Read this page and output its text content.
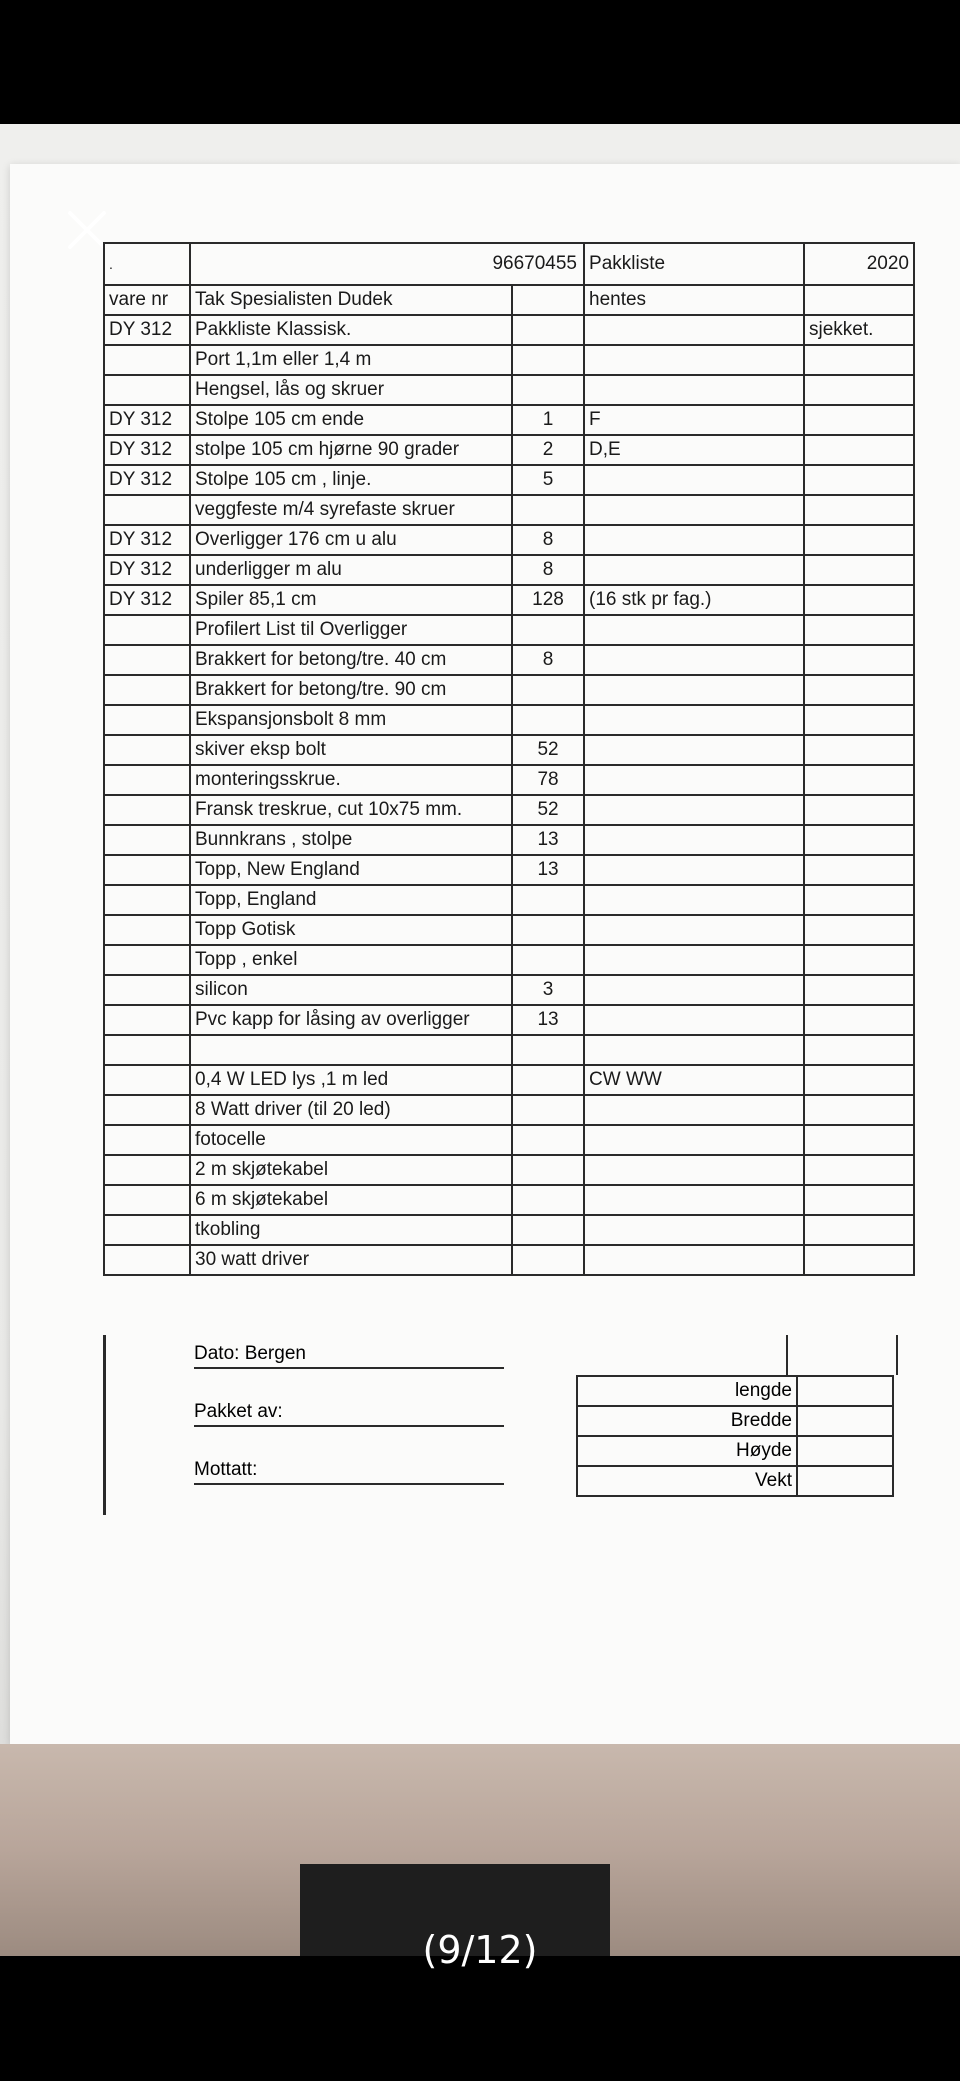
.	96670455		Pakkliste	2020
vare nr	Tak Spesialisten Dudek		hentes	
DY 312	Pakkliste Klassisk.			sjekket.
	Port 1,1m eller 1,4 m			
	Hengsel, lås og skruer			
DY 312	Stolpe 105 cm ende	1	F	
DY 312	stolpe 105 cm hjørne 90 grader	2	D,E	
DY 312	Stolpe 105 cm , linje.	5		
	veggfeste m/4 syrefaste skruer			
DY 312	Overligger 176 cm u alu	8		
DY 312	underligger m alu	8		
DY 312	Spiler 85,1 cm	128	(16 stk pr fag.)	
	Profilert List til Overligger			
	Brakkert for betong/tre. 40 cm	8		
	Brakkert for betong/tre. 90 cm			
	Ekspansjonsbolt 8 mm			
	skiver eksp bolt	52		
	monteringsskrue.	78		
	Fransk treskrue, cut 10x75 mm.	52		
	Bunnkrans , stolpe	13		
	Topp, New England	13		
	Topp, England			
	Topp Gotisk			
	Topp , enkel			
	silicon	3		
	Pvc kapp for låsing av overligger	13		

	0,4 W LED lys ,1 m led		CW WW	
	8 Watt driver (til 20 led)			
	fotocelle			
	2 m skjøtekabel			
	6 m skjøtekabel			
	tkobling			
	30 watt driver			
Dato: Bergen
Pakket av:
Mottatt:
lengde	
Bredde	
Høyde	
Vekt	
(9/12)
